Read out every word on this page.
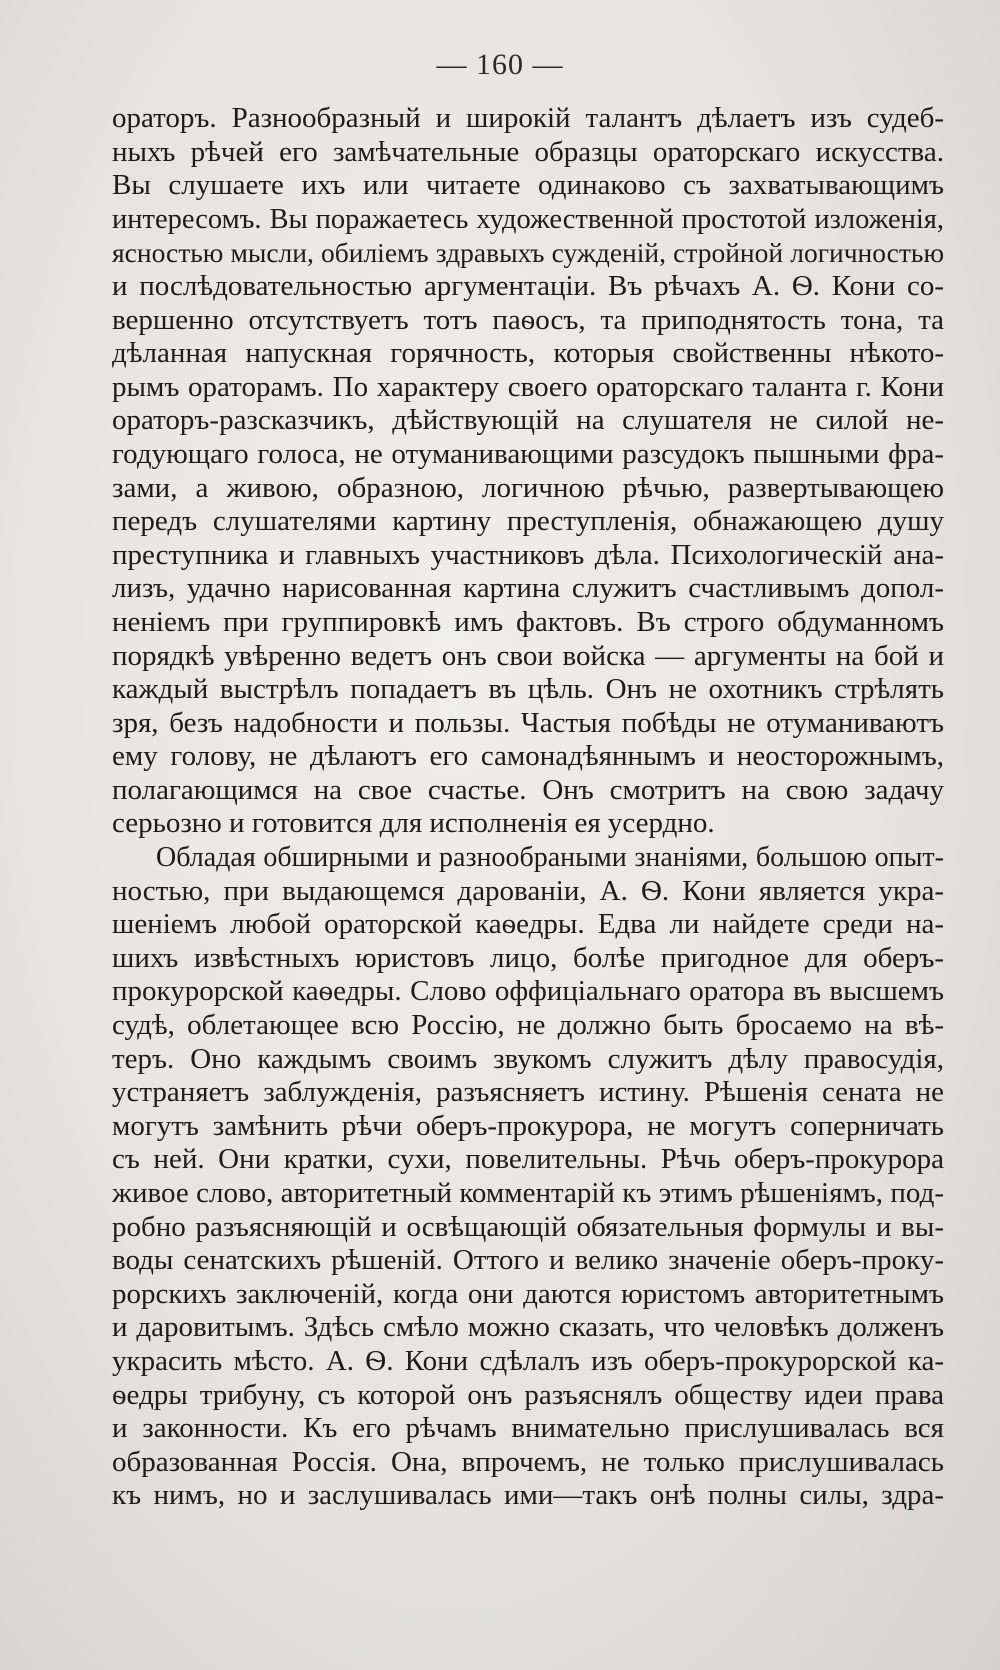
— 160 —
ораторъ. Разнообразный и широкій талантъ дѣлаетъ изъ судеб-
ныхъ рѣчей его замѣчательные образцы ораторскаго искусства.
Вы слушаете ихъ или читаете одинаково съ захватывающимъ
интересомъ. Вы поражаетесь художественной простотой изложенія,
ясностью мысли, обиліемъ здравыхъ сужденій, стройной логичностью
и послѣдовательностью аргументаціи. Въ рѣчахъ А. Ѳ. Кони со-
вершенно отсутствуетъ тотъ паѳосъ, та приподнятость тона, та
дѣланная напускная горячность, которыя свойственны нѣкото-
рымъ ораторамъ. По характеру своего ораторскаго таланта г. Кони
ораторъ-разсказчикъ, дѣйствующій на слушателя не силой не-
годующаго голоса, не отуманивающими разсудокъ пышными фра-
зами, а живою, образною, логичною рѣчью, развертывающею
передъ слушателями картину преступленія, обнажающею душу
преступника и главныхъ участниковъ дѣла. Психологическій ана-
лизъ, удачно нарисованная картина служитъ счастливымъ допол-
неніемъ при группировкѣ имъ фактовъ. Въ строго обдуманномъ
порядкѣ увѣренно ведетъ онъ свои войска — аргументы на бой и
каждый выстрѣлъ попадаетъ въ цѣль. Онъ не охотникъ стрѣлять
зря, безъ надобности и пользы. Частыя побѣды не отуманиваютъ
ему голову, не дѣлаютъ его самонадѣяннымъ и неосторожнымъ,
полагающимся на свое счастье. Онъ смотритъ на свою задачу
серьозно и готовится для исполненія ея усердно.
Обладая обширными и разнообраными знаніями, большою опыт-
ностью, при выдающемся дарованіи, А. Ѳ. Кони является укра-
шеніемъ любой ораторской каѳедры. Едва ли найдете среди на-
шихъ извѣстныхъ юристовъ лицо, болѣе пригодное для оберъ-
прокурорской каѳедры. Слово оффиціальнаго оратора въ высшемъ
судѣ, облетающее всю Россію, не должно быть бросаемо на вѣ-
теръ. Оно каждымъ своимъ звукомъ служитъ дѣлу правосудія,
устраняетъ заблужденія, разъясняетъ истину. Рѣшенія сената не
могутъ замѣнить рѣчи оберъ-прокурора, не могутъ соперничать
съ ней. Они кратки, сухи, повелительны. Рѣчь оберъ-прокурора
живое слово, авторитетный комментарій къ этимъ рѣшеніямъ, под-
робно разъясняющій и освѣщающій обязательныя формулы и вы-
воды сенатскихъ рѣшеній. Оттого и велико значеніе оберъ-проку-
рорскихъ заключеній, когда они даются юристомъ авторитетнымъ
и даровитымъ. Здѣсь смѣло можно сказать, что человѣкъ долженъ
украсить мѣсто. А. Ѳ. Кони сдѣлалъ изъ оберъ-прокурорской ка-
ѳедры трибуну, съ которой онъ разъяснялъ обществу идеи права
и законности. Къ его рѣчамъ внимательно прислушивалась вся
образованная Россія. Она, впрочемъ, не только прислушивалась
къ нимъ, но и заслушивалась ими—такъ онѣ полны силы, здра-
